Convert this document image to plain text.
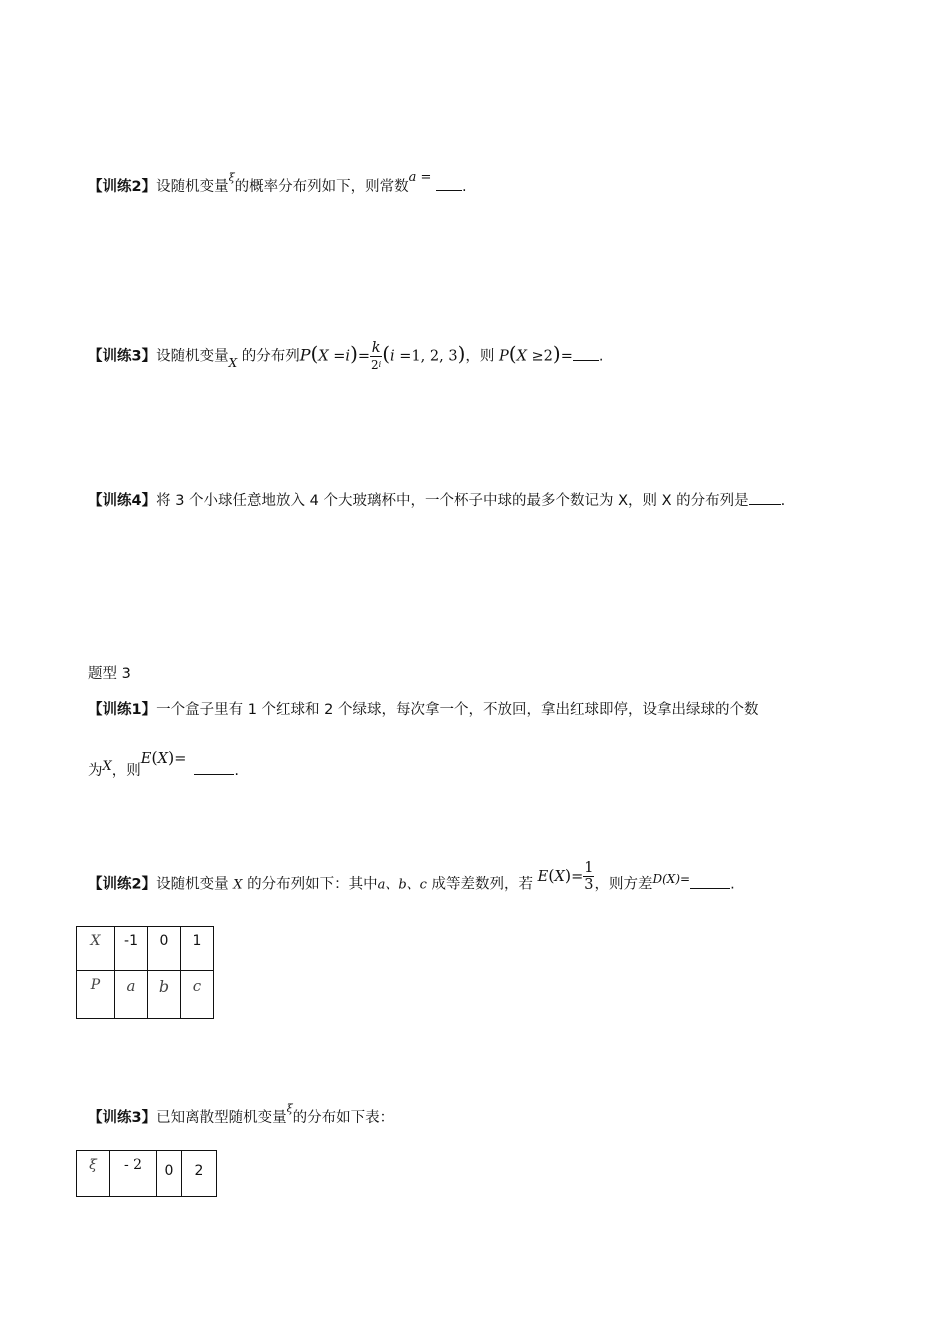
【训练2】设随机变量$^\xi$的概率分布列如下，则常数a = .
【训练3】设随机变量$_X$ 的分布列$P(X =i)= \frac{k}{2^i} (i =1$, 2, 3)，则 P(X ≥2)= .
【训练4】将 3 个小球任意地放入 4 个大玻璃杯中，一个杯子中球的最多个数记为 X，则 X 的分布列是 .
题型 3
【训练1】一个盒子里有 1 个红球和 2 个绿球，每次拿一个，不放回，拿出红球即停，设拿出绿球的个数
为X，则E(X)=.
【训练2】设随机变量 X 的分布列如下：其中a、b、c 成等差数列，若 $E(X)= \frac{1}{3}$ ，则方差$^{D(X)=}$	.
X	-1	0	1
P	a	b	c
【训练3】已知离散型随机变量$^\xi$的分布如下表：
ξ	- 2	0	2
